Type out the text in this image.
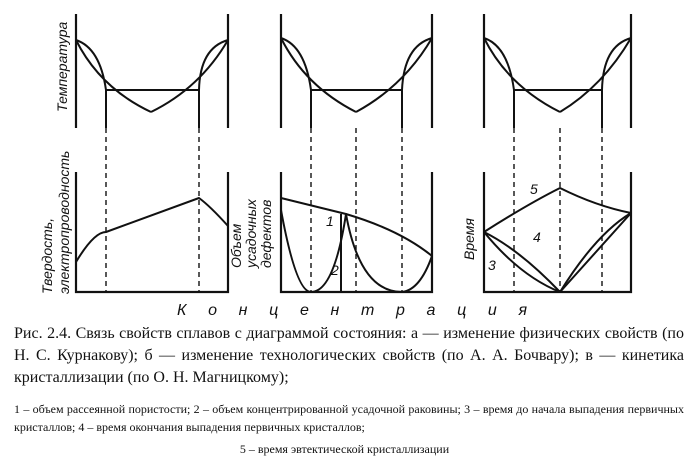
Температура
Твердость, электропроводность	Объем усадочных дефектов	Время
1
2	3
4
5
К о н ц е н т р а ц и я
Рис. 2.4. Связь свойств сплавов с диаграммой состояния: а — изменение физических свойств (по Н. С. Курнакову); б — изменение технологических свойств (по А. А. Бочвару); в — кинетика кристаллизации (по О. Н. Магницкому);
1 – объем рассеянной пористости; 2 – объем концентрированной усадочной раковины; 3 – время до начала выпадения первичных кристаллов; 4 – время окончания выпадения первичных кристаллов;
5 – время эвтектической кристаллизации
